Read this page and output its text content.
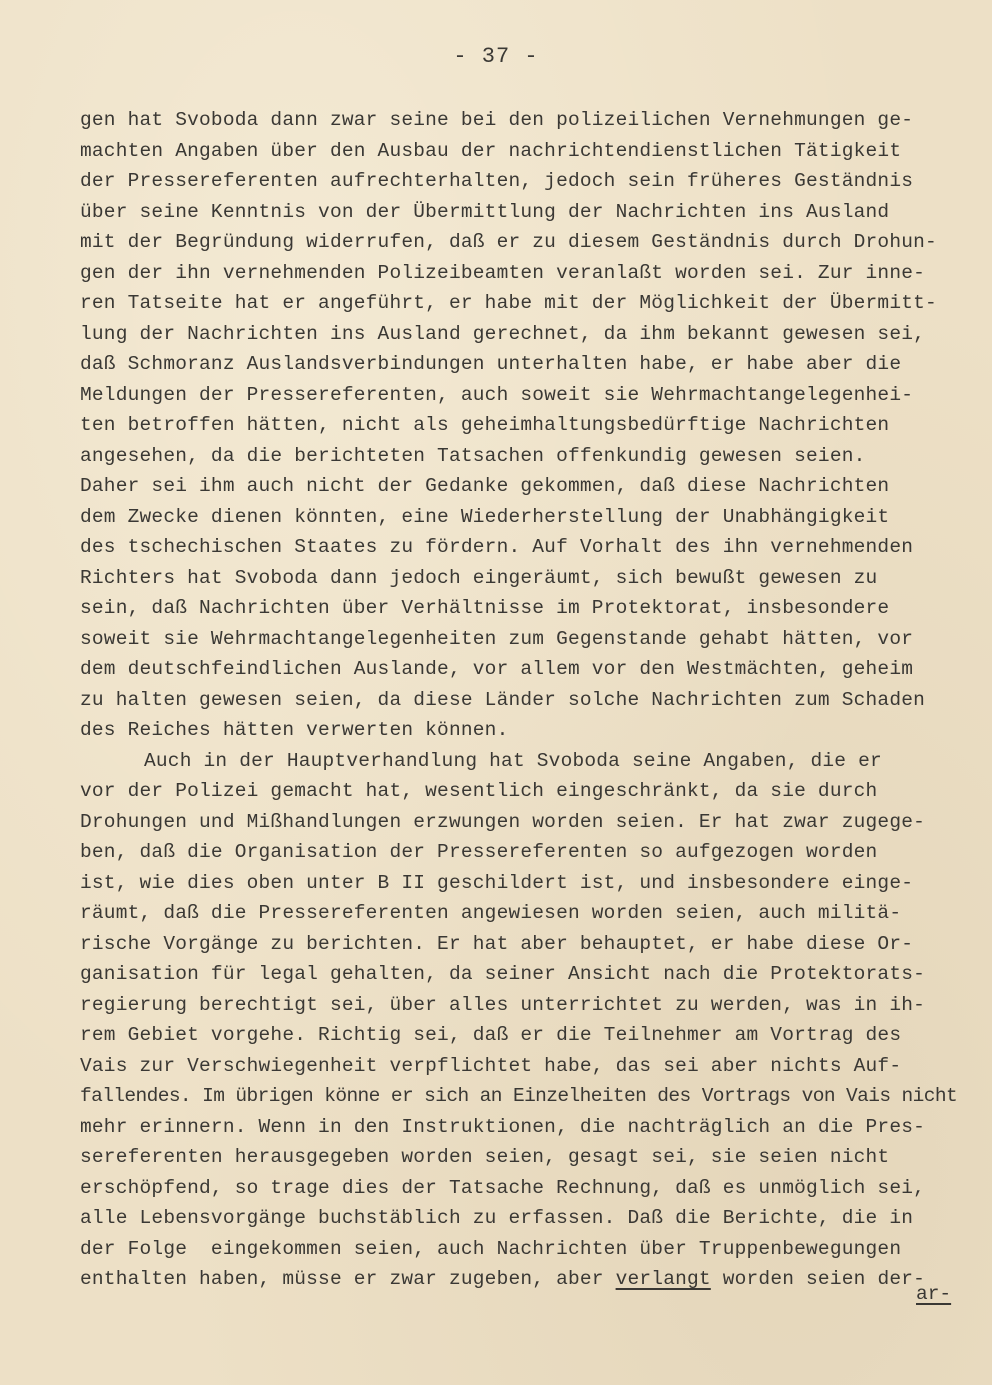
- 37 -
gen hat Svoboda dann zwar seine bei den polizeilichen Vernehmungen ge-
machten Angaben über den Ausbau der nachrichtendienstlichen Tätigkeit
der Pressereferenten aufrechterhalten, jedoch sein früheres Geständnis
über seine Kenntnis von der Übermittlung der Nachrichten ins Ausland
mit der Begründung widerrufen, daß er zu diesem Geständnis durch Drohun-
gen der ihn vernehmenden Polizeibeamten veranlaßt worden sei. Zur inne-
ren Tatseite hat er angeführt, er habe mit der Möglichkeit der Übermitt-
lung der Nachrichten ins Ausland gerechnet, da ihm bekannt gewesen sei,
daß Schmoranz Auslandsverbindungen unterhalten habe, er habe aber die
Meldungen der Pressereferenten, auch soweit sie Wehrmachtangelegenhei-
ten betroffen hätten, nicht als geheimhaltungsbedürftige Nachrichten
angesehen, da die berichteten Tatsachen offenkundig gewesen seien.
Daher sei ihm auch nicht der Gedanke gekommen, daß diese Nachrichten
dem Zwecke dienen könnten, eine Wiederherstellung der Unabhängigkeit
des tschechischen Staates zu fördern. Auf Vorhalt des ihn vernehmenden
Richters hat Svoboda dann jedoch eingeräumt, sich bewußt gewesen zu
sein, daß Nachrichten über Verhältnisse im Protektorat, insbesondere
soweit sie Wehrmachtangelegenheiten zum Gegenstande gehabt hätten, vor
dem deutschfeindlichen Auslande, vor allem vor den Westmächten, geheim
zu halten gewesen seien, da diese Länder solche Nachrichten zum Schaden
des Reiches hätten verwerten können.
Auch in der Hauptverhandlung hat Svoboda seine Angaben, die er
vor der Polizei gemacht hat, wesentlich eingeschränkt, da sie durch
Drohungen und Mißhandlungen erzwungen worden seien. Er hat zwar zugege-
ben, daß die Organisation der Pressereferenten so aufgezogen worden
ist, wie dies oben unter B II geschildert ist, und insbesondere einge-
räumt, daß die Pressereferenten angewiesen worden seien, auch militä-
rische Vorgänge zu berichten. Er hat aber behauptet, er habe diese Or-
ganisation für legal gehalten, da seiner Ansicht nach die Protektorats-
regierung berechtigt sei, über alles unterrichtet zu werden, was in ih-
rem Gebiet vorgehe. Richtig sei, daß er die Teilnehmer am Vortrag des
Vais zur Verschwiegenheit verpflichtet habe, das sei aber nichts Auf-
fallendes. Im übrigen könne er sich an Einzelheiten des Vortrags von Vais nicht
mehr erinnern. Wenn in den Instruktionen, die nachträglich an die Pres-
sereferenten herausgegeben worden seien, gesagt sei, sie seien nicht
erschöpfend, so trage dies der Tatsache Rechnung, daß es unmöglich sei,
alle Lebensvorgänge buchstäblich zu erfassen. Daß die Berichte, die in
der Folge  eingekommen seien, auch Nachrichten über Truppenbewegungen
enthalten haben, müsse er zwar zugeben, aber verlangt worden seien der-
ar-
